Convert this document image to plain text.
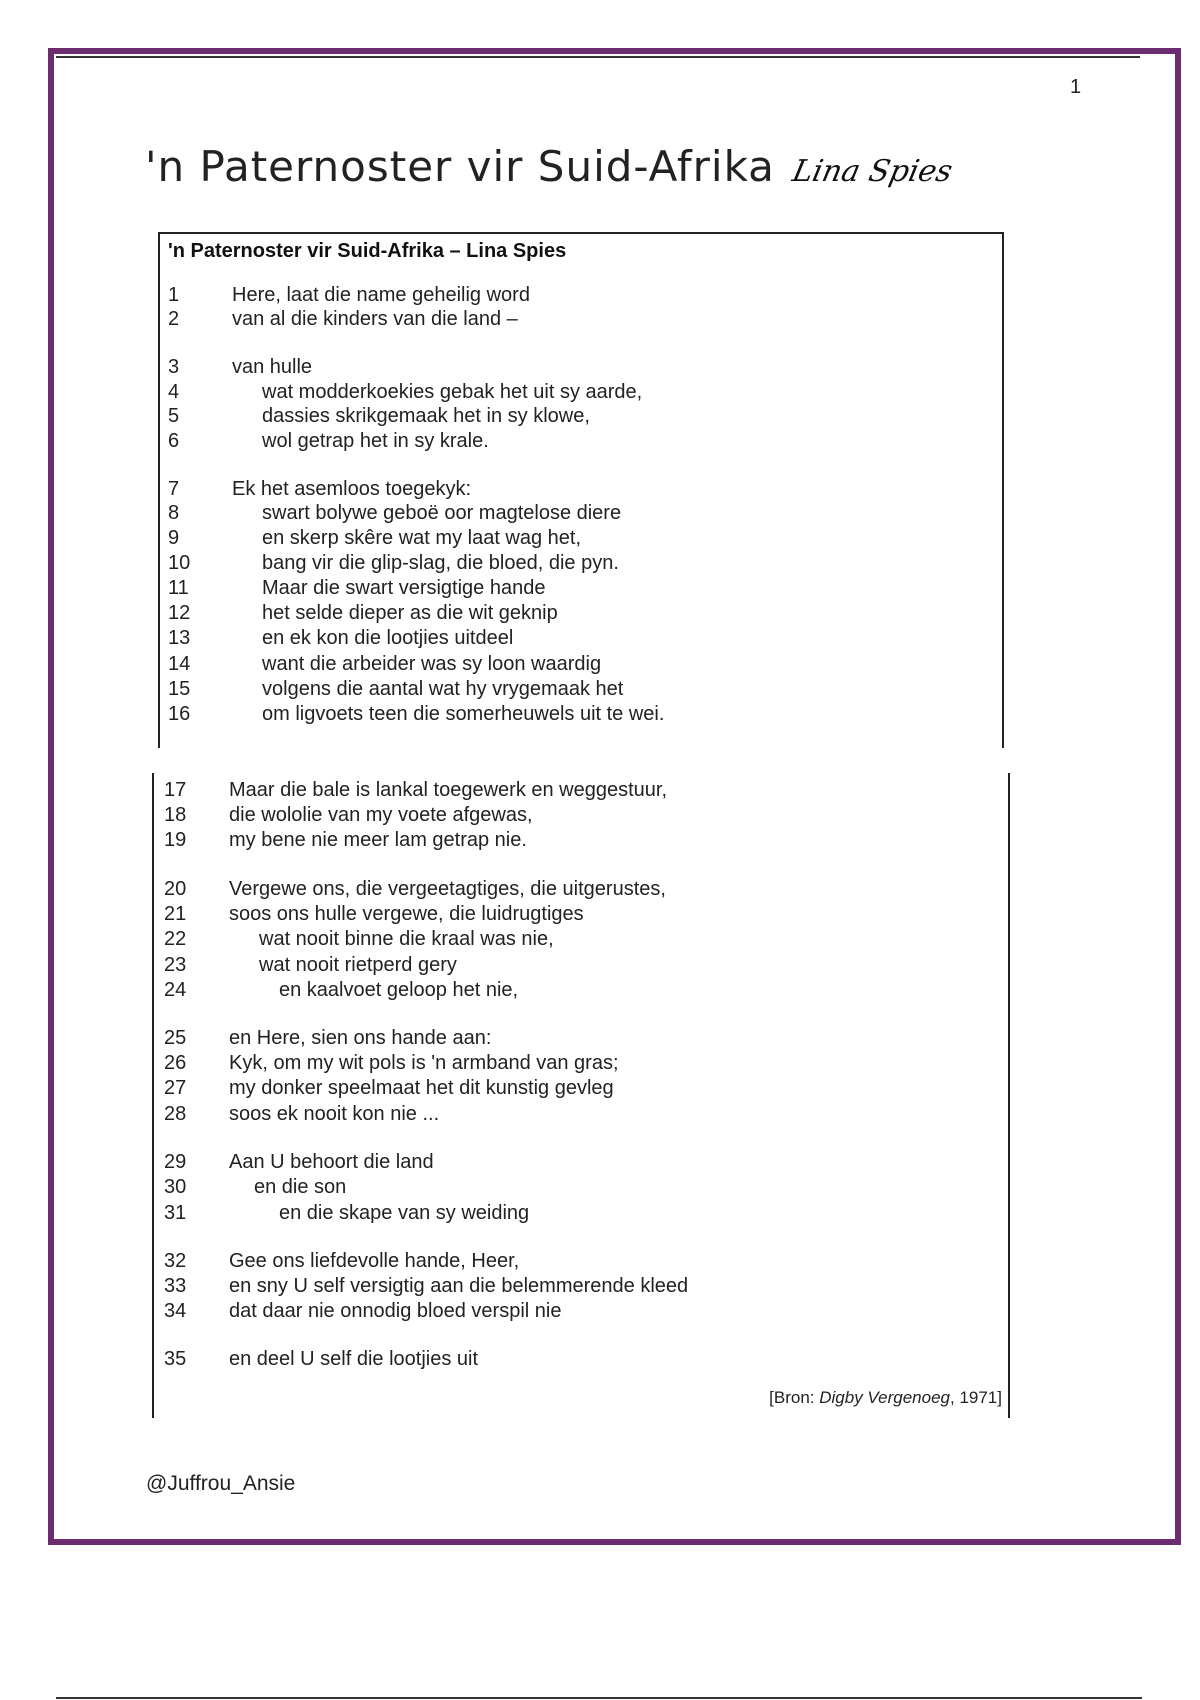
1
'n Paternoster vir Suid-Afrika Lina Spies
'n Paternoster vir Suid-Afrika – Lina Spies
1	Here, laat die name geheilig word
2	van al die kinders van die land –
3	van hulle
4	wat modderkoekies gebak het uit sy aarde,
5	dassies skrikgemaak het in sy klowe,
6	wol getrap het in sy krale.
7	Ek het asemloos toegekyk:
8	swart bolywe geboë oor magtelose diere
9	en skerp skêre wat my laat wag het,
10	bang vir die glip-slag, die bloed, die pyn.
11	Maar die swart versigtige hande
12	het selde dieper as die wit geknip
13	en ek kon die lootjies uitdeel
14	want die arbeider was sy loon waardig
15	volgens die aantal wat hy vrygemaak het
16	om ligvoets teen die somerheuwels uit te wei.
17	Maar die bale is lankal toegewerk en weggestuur,
18	die wololie van my voete afgewas,
19	my bene nie meer lam getrap nie.
20	Vergewe ons, die vergeetagtiges, die uitgerustes,
21	soos ons hulle vergewe, die luidrugtiges
22	wat nooit binne die kraal was nie,
23	wat nooit rietperd gery
24	en kaalvoet geloop het nie,
25	en Here, sien ons hande aan:
26	Kyk, om my wit pols is 'n armband van gras;
27	my donker speelmaat het dit kunstig gevleg
28	soos ek nooit kon nie ...
29	Aan U behoort die land
30	en die son
31	en die skape van sy weiding
32	Gee ons liefdevolle hande, Heer,
33	en sny U self versigtig aan die belemmerende kleed
34	dat daar nie onnodig bloed verspil nie
35	en deel U self die lootjies uit
[Bron: Digby Vergenoeg, 1971]
@Juffrou_Ansie
